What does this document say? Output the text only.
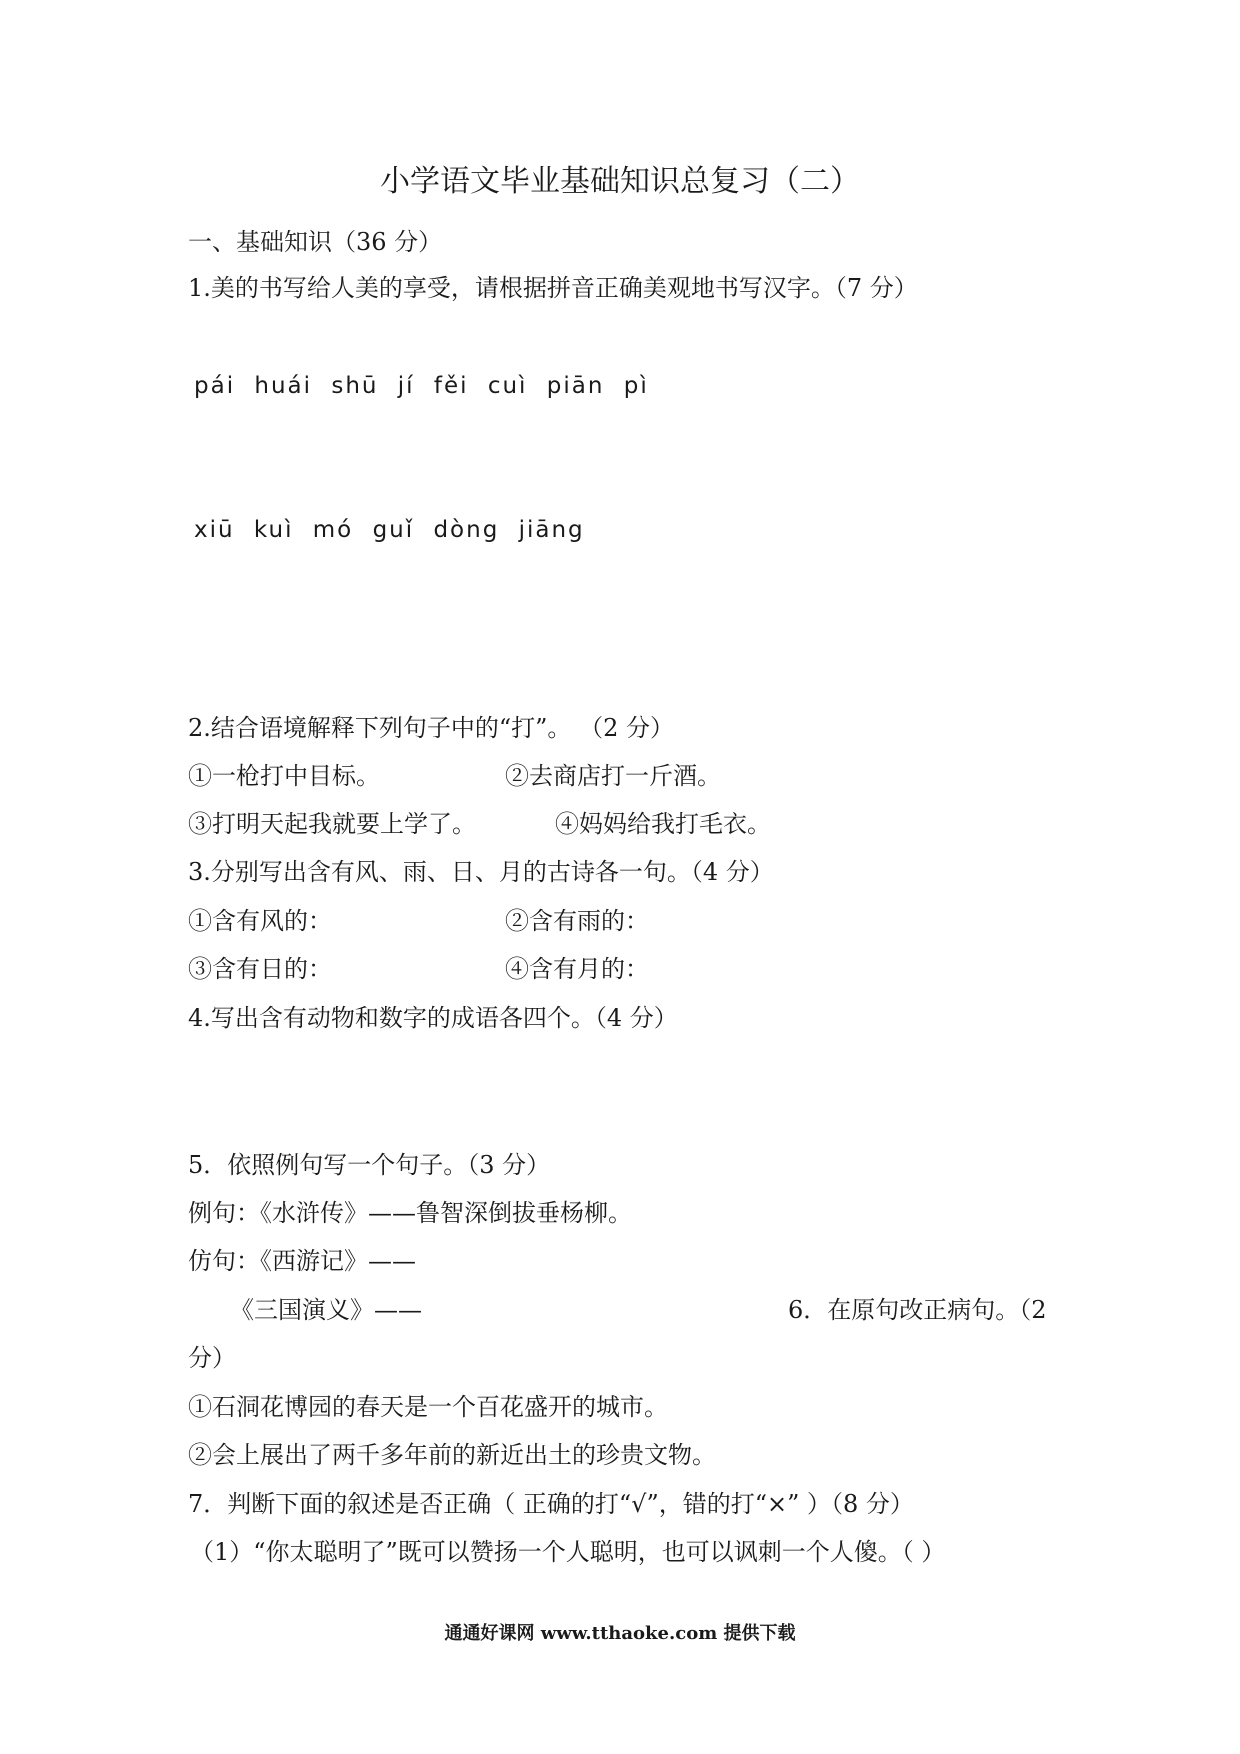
小学语文毕业基础知识总复习（二）
一、基础知识（36 分）
1.美的书写给人美的享受，请根据拼音正确美观地书写汉字。（7 分）
pái huái shū jí fěi cuì piān pì
xiū kuì mó guǐ dòng jiāng
2.结合语境解释下列句子中的“打”。 （2 分）
①一枪打中目标。	②去商店打一斤酒。
③打明天起我就要上学了。	④妈妈给我打毛衣。
3.分别写出含有风、雨、日、月的古诗各一句。（4 分）
①含有风的：	②含有雨的：
③含有日的：	④含有月的：
4.写出含有动物和数字的成语各四个。（4 分）
5．依照例句写一个句子。（3 分）
例句：《水浒传》——鲁智深倒拔垂杨柳。
仿句：《西游记》——
《三国演义》——	6．在原句改正病句。（2
分）
①石洞花博园的春天是一个百花盛开的城市。
②会上展出了两千多年前的新近出土的珍贵文物。
7．判断下面的叙述是否正确（ 正确的打“√”，错的打“×” ）（8 分）
（1）“你太聪明了”既可以赞扬一个人聪明，也可以讽刺一个人傻。（ ）
通通好课网 www.tthaoke.com 提供下载
